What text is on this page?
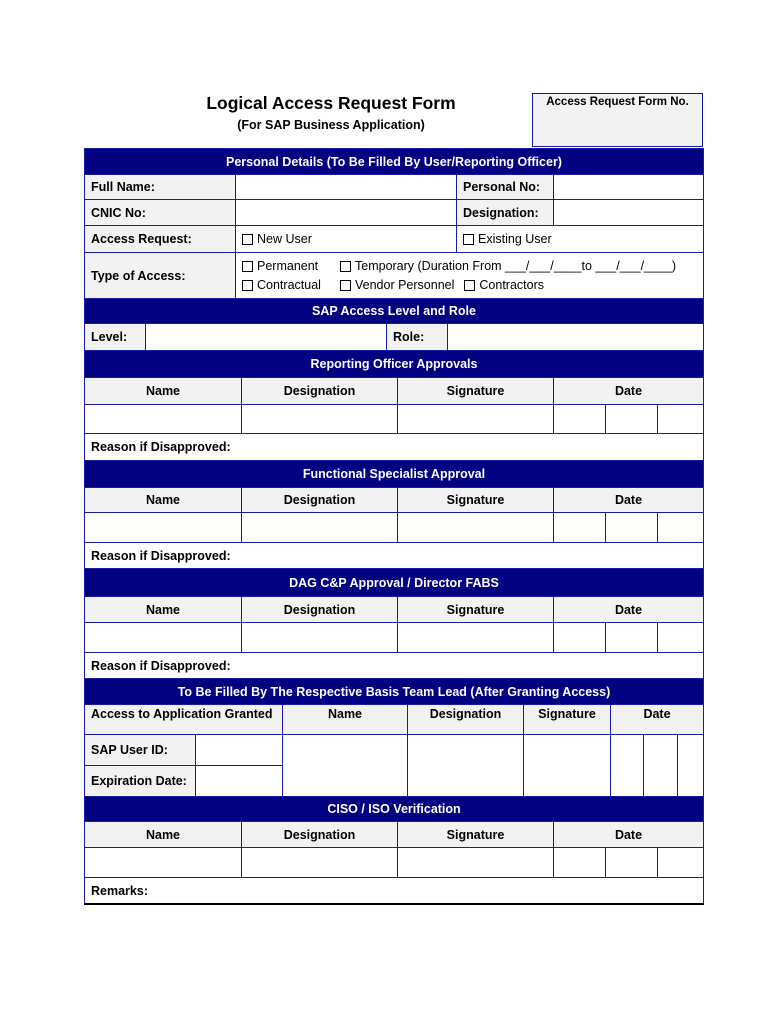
Logical Access Request Form
(For SAP Business Application)
Access Request Form No.
Personal Details (To Be Filled By User/Reporting Officer)
Full Name:	Personal No:
CNIC No:	Designation:
Access Request:	New User	Existing User
Type of Access:
Permanent	Temporary (Duration From ___/___/____to ___/___/____)
Contractual	Vendor Personnel Contractors
SAP Access Level and Role
Level:	Role:
Reporting Officer Approvals
Name	Designation	Signature	Date
Reason if Disapproved:
Functional Specialist Approval
Name	Designation	Signature	Date
Reason if Disapproved:
DAG C&P Approval / Director FABS
Name	Designation	Signature	Date
Reason if Disapproved:
To Be Filled By The Respective Basis Team Lead (After Granting Access)
Access to Application Granted	Name	Designation	Signature	Date
SAP User ID:
Expiration Date:
CISO / ISO Verification
Name	Designation	Signature	Date
Remarks:
